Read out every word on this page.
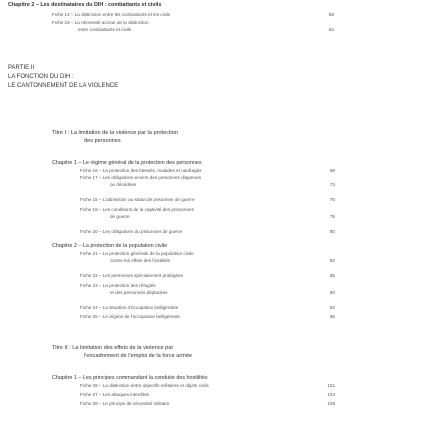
Chapitre 2 – Les destinataires du DIH : combattants et civils
Fiche 14 – La distinction entre les combattants et les civils	58
Fiche 15 – La nécessité accrue de la distinction
entre combattants et civils	62
PARTIE II
LA FONCTION DU DIH :
LE CANTONNEMENT DE LA VIOLENCE
Titre I : La limitation de la violence par la protection
des personnes
Chapitre 1 – Le régime général de la protection des personnes
Fiche 16 – La protection des blessés, malades et naufragés	69
Fiche 17 – Les obligations envers des personnes disparues
ou décédées	73
Fiche 18 – L'admission au statut de prisonnier de guerre	75
Fiche 19 – Les conditions de la captivité des prisonniers
de guerre	78
Fiche 20 – Les obligations du prisonnier de guerre	80
Chapitre 2 – La protection de la population civile
Fiche 21 – La protection générale de la population civile
contre les effets des hostilités	82
Fiche 22 – Les personnes spécialement protégées	85
Fiche 23 – La protection des réfugiés
et des personnes déplacées	90
Fiche 24 – La situation d'occupation belligérante	92
Fiche 25 – Le régime de l'occupation belligérante	95
Titre II : La limitation des effets de la violence par
l'encadrement de l'emploi de la force armée
Chapitre 1 – Les principes commandant la conduite des hostilités
Fiche 26 – La distinction entre objectifs militaires et objets civils	101
Fiche 27 – Les attaques interdites	104
Fiche 28 – Le principe de nécessité militaire	108
